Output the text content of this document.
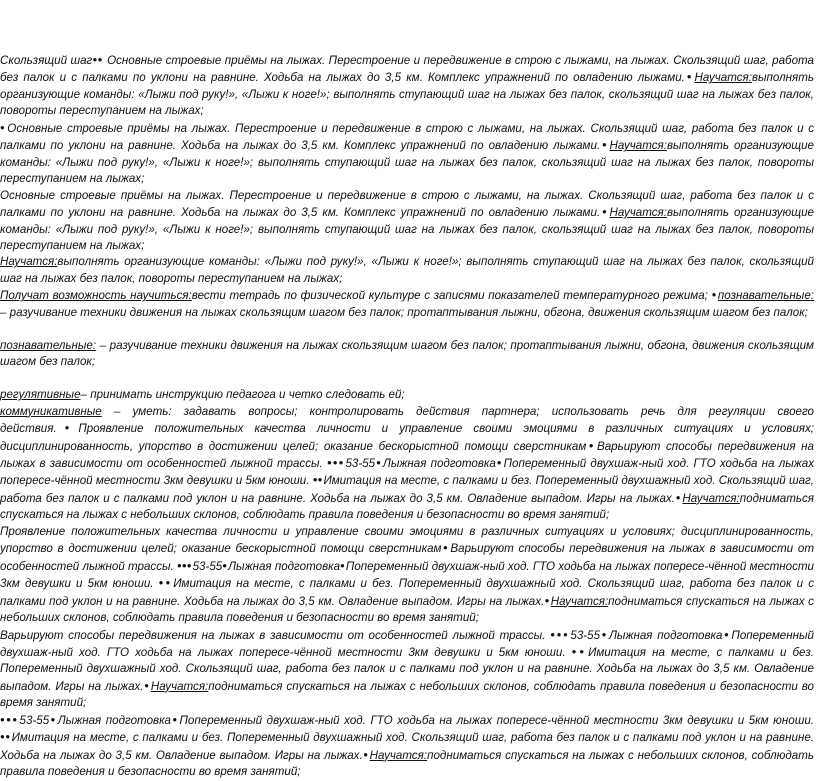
Скользящий шаг●● Основные строевые приёмы на лыжах. Перестроение и передвижение в строю с лыжами, на лыжах. Скользящий шаг, работа без палок и с палками по уклони на равнине. Ходьба на лыжах до 3,5 км. Комплекс упражнений по овладению лыжами.●Научатся:выполнять организующие команды: «Лыжи под руку!», «Лыжи к ноге!»; выполнять ступающий шаг на лыжах без палок, скользящий шаг на лыжах без палок, повороты переступанием на лыжах;

●Основные строевые приёмы на лыжах. Перестроение и передвижение в строю с лыжами, на лыжах. Скользящий шаг, работа без палок и с палками по уклони на равнине. Ходьба на лыжах до 3,5 км. Комплекс упражнений по овладению лыжами.●Научатся:выполнять организующие команды: «Лыжи под руку!», «Лыжи к ноге!»; выполнять ступающий шаг на лыжах без палок, скользящий шаг на лыжах без палок, повороты переступанием на лыжах;

Основные строевые приёмы на лыжах. Перестроение и передвижение в строю с лыжами, на лыжах. Скользящий шаг, работа без палок и с палками по уклони на равнине. Ходьба на лыжах до 3,5 км. Комплекс упражнений по овладению лыжами.●Научатся:выполнять организующие команды: «Лыжи под руку!», «Лыжи к ноге!»; выполнять ступающий шаг на лыжах без палок, скользящий шаг на лыжах без палок, повороты переступанием на лыжах;

Научатся:выполнять организующие команды: «Лыжи под руку!», «Лыжи к ноге!»; выполнять ступающий шаг на лыжах без палок, скользящий шаг на лыжах без палок, повороты переступанием на лыжах;

Получат возможность научиться:вести тетрадь по физической культуре с записями показателей температурного режима; ●познавательные: – разучивание техники движения на лыжах скользящим шагом без палок; протаптывания лыжни, обгона, движения скользящим шагом без палок;

познавательные: – разучивание техники движения на лыжах скользящим шагом без палок; протаптывания лыжни, обгона, движения скользящим шагом без палок;

регулятивные– принимать инструкцию педагога и четко следовать ей;

коммуникативные – уметь: задавать вопросы; контролировать действия партнера; использовать речь для регуляции своего действия.●Проявление положительных качества личности и управление своими эмоциями в различных ситуациях и условиях; дисциплинированность, упорство в достижении целей; оказание бескорыстной помощи сверстникам●Варьируют способы передвижения на лыжах в зависимости от особенностей лыжной трассы. ●●●53-55●Лыжная подготовка●Попеременный двухшаж-ный ход. ГТО ходьба на лыжах попересе-чённой местности 3км девушки и 5км юноши. ●●Имитация на месте, с палками и без. Попеременный двухшажный ход. Скользящий шаг, работа без палок и с палками под уклон и на равнине. Ходьба на лыжах до 3,5 км. Овладение выпадом. Игры на лыжах.●Научатся:подниматься спускаться на лыжах с небольших склонов, соблюдать правила поведения и безопасности во время занятий;

Проявление положительных качества личности и управление своими эмоциями в различных ситуациях и условиях; дисциплинированность, упорство в достижении целей; оказание бескорыстной помощи сверстникам●Варьируют способы передвижения на лыжах в зависимости от особенностей лыжной трассы. ●●●53-55●Лыжная подготовка●Попеременный двухшаж-ный ход. ГТО ходьба на лыжах попересе-чённой местности 3км девушки и 5км юноши. ●●Имитация на месте, с палками и без. Попеременный двухшажный ход. Скользящий шаг, работа без палок и с палками под уклон и на равнине. Ходьба на лыжах до 3,5 км. Овладение выпадом. Игры на лыжах.●Научатся:подниматься спускаться на лыжах с небольших склонов, соблюдать правила поведения и безопасности во время занятий;

Варьируют способы передвижения на лыжах в зависимости от особенностей лыжной трассы. ●●●53-55●Лыжная подготовка●Попеременный двухшаж-ный ход. ГТО ходьба на лыжах попересе-чённой местности 3км девушки и 5км юноши. ●●Имитация на месте, с палками и без. Попеременный двухшажный ход. Скользящий шаг, работа без палок и с палками под уклон и на равнине. Ходьба на лыжах до 3,5 км. Овладение выпадом. Игры на лыжах.●Научатся:подниматься спускаться на лыжах с небольших склонов, соблюдать правила поведения и безопасности во время занятий;

●●●53-55●Лыжная подготовка●Попеременный двухшаж-ный ход. ГТО ходьба на лыжах попересе-чённой местности 3км девушки и 5км юноши. ●●Имитация на месте, с палками и без. Попеременный двухшажный ход. Скользящий шаг, работа без палок и с палками под уклон и на равнине. Ходьба на лыжах до 3,5 км. Овладение выпадом. Игры на лыжах.●Научатся:подниматься спускаться на лыжах с небольших склонов, соблюдать правила поведения и безопасности во время занятий;
